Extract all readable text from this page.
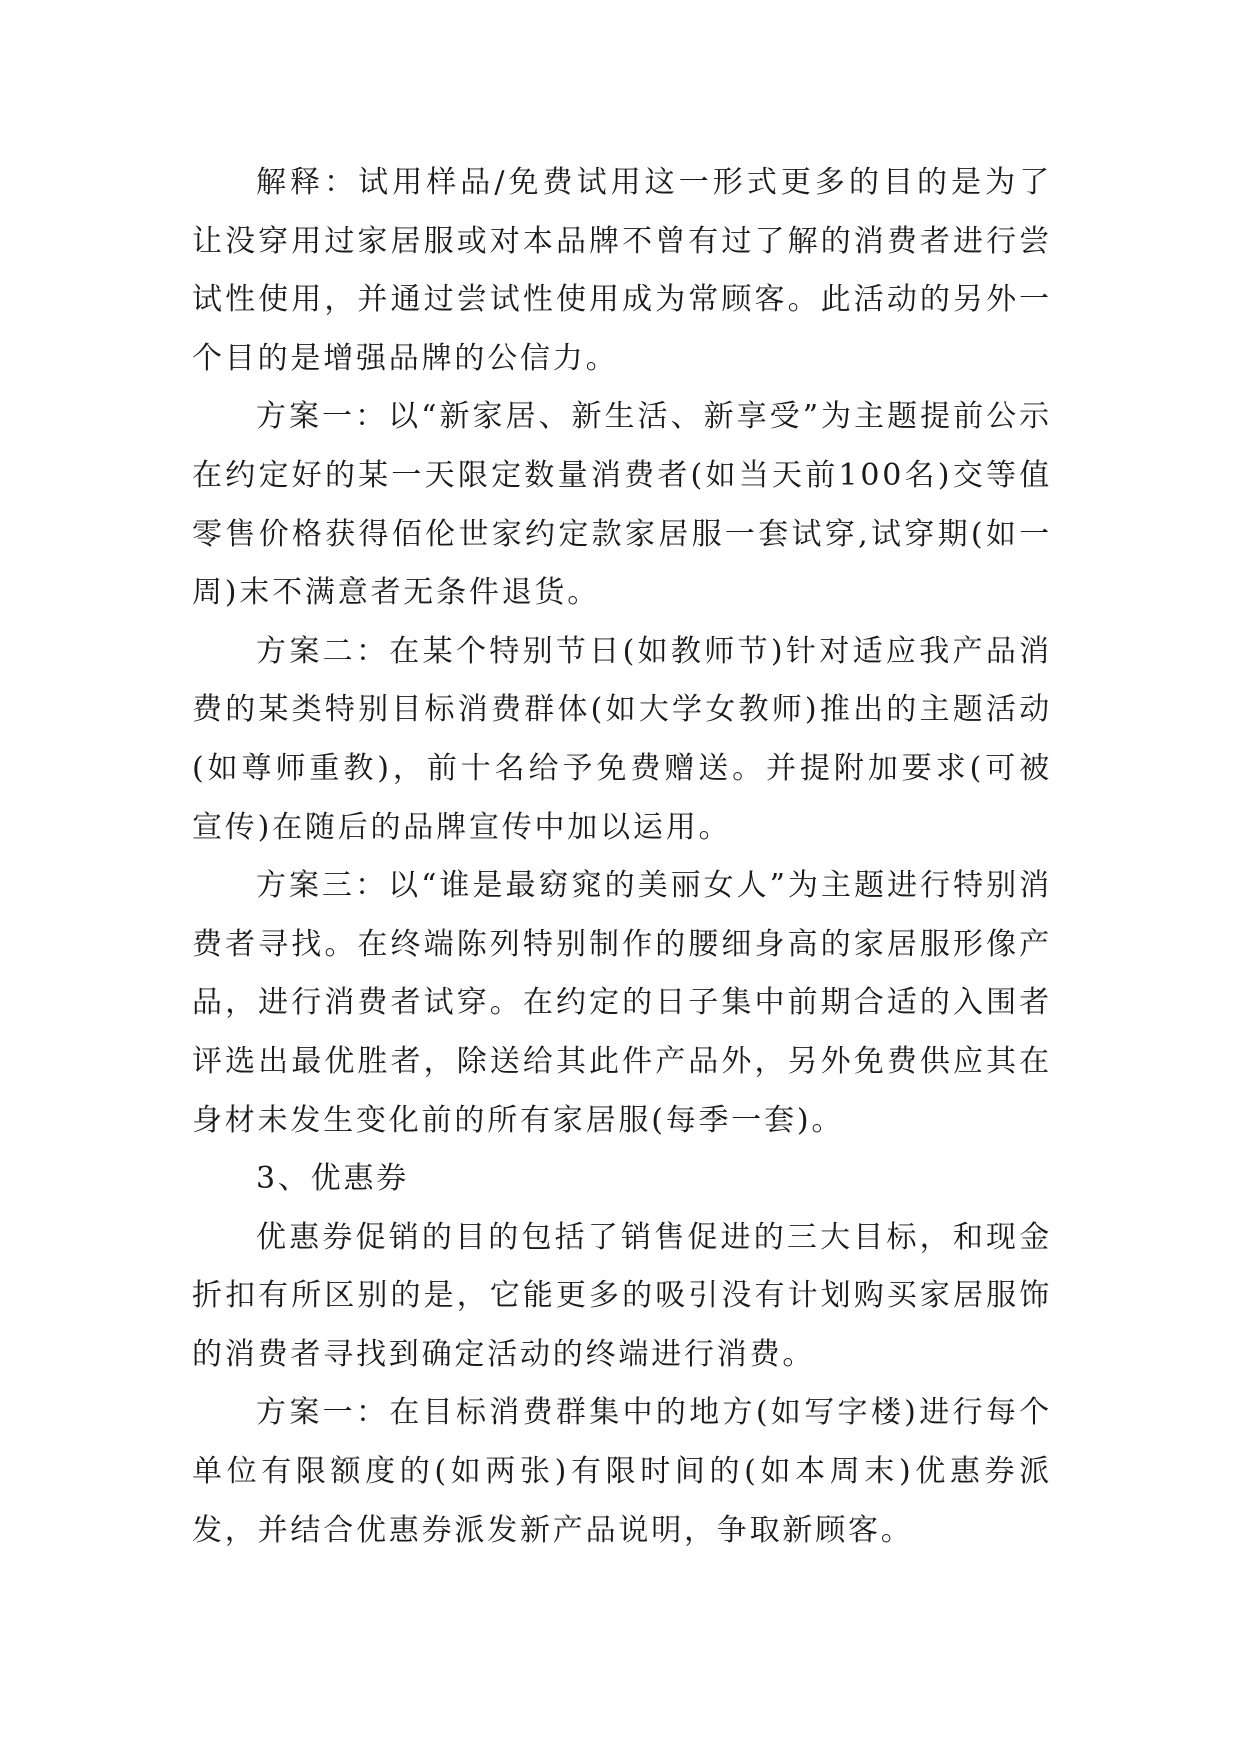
解释：试用样品/免费试用这一形式更多的目的是为了让没穿用过家居服或对本品牌不曾有过了解的消费者进行尝试性使用，并通过尝试性使用成为常顾客。此活动的另外一个目的是增强品牌的公信力。

方案一：以“新家居、新生活、新享受”为主题提前公示在约定好的某一天限定数量消费者(如当天前100名)交等值零售价格获得佰伦世家约定款家居服一套试穿,试穿期(如一周)末不满意者无条件退货。

方案二：在某个特别节日(如教师节)针对适应我产品消费的某类特别目标消费群体(如大学女教师)推出的主题活动(如尊师重教)，前十名给予免费赠送。并提附加要求(可被宣传)在随后的品牌宣传中加以运用。

方案三：以“谁是最窈窕的美丽女人”为主题进行特别消费者寻找。在终端陈列特别制作的腰细身高的家居服形像产品，进行消费者试穿。在约定的日子集中前期合适的入围者评选出最优胜者，除送给其此件产品外，另外免费供应其在身材未发生变化前的所有家居服(每季一套)。

3、优惠券

优惠券促销的目的包括了销售促进的三大目标，和现金折扣有所区别的是，它能更多的吸引没有计划购买家居服饰的消费者寻找到确定活动的终端进行消费。

方案一：在目标消费群集中的地方(如写字楼)进行每个单位有限额度的(如两张)有限时间的(如本周末)优惠券派发，并结合优惠券派发新产品说明，争取新顾客。
